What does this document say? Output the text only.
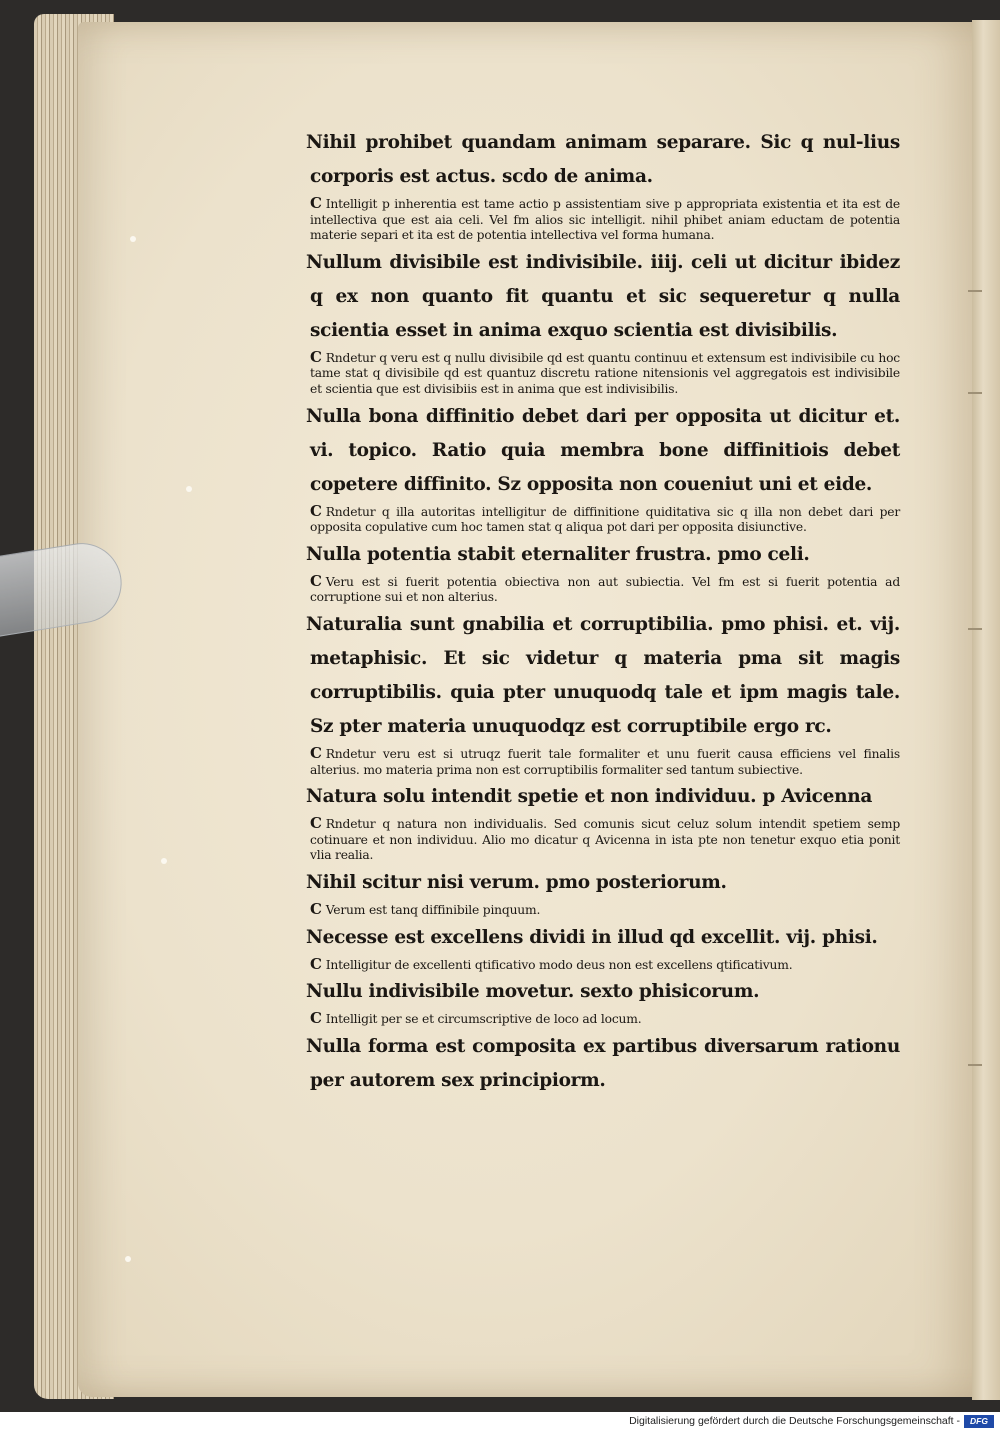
Nihil prohibet quandam animam separare. Sic q nul-lius corporis est actus. scdo de anima.

C Intelligit p inherentia est tame actio p assistentiam sive p appropriata existentia et ita est de intellectiva que est aia celi. Vel fm alios sic intelligit. nihil phibet aniam eductam de potentia materie separi et ita est de potentia intellectiva vel forma humana.

Nullum divisibile est indivisibile. iiij. celi ut dicitur ibidez q ex non quanto fit quantu et sic sequeretur q nulla scientia esset in anima exquo scientia est divisibilis.

C Rndetur q veru est q nullu divisibile qd est quantu continuu et extensum est indivisibile cu hoc tame stat q divisibile qd est quantuz discretu ratione nitensionis vel aggregatois est indivisibile et scientia que est divisibiis est in anima que est indivisibilis.

Nulla bona diffinitio debet dari per opposita ut dicitur et. vi. topico. Ratio quia membra bone diffinitiois debet copetere diffinito. Sz opposita non coueniut uni et eide.

C Rndetur q illa autoritas intelligitur de diffinitione quiditativa sic q illa non debet dari per opposita copulative cum hoc tamen stat q aliqua pot dari per opposita disiunctive.

Nulla potentia stabit eternaliter frustra. pmo celi.

C Veru est si fuerit potentia obiectiva non aut subiectia. Vel fm est si fuerit potentia ad corruptione sui et non alterius.

Naturalia sunt gnabilia et corruptibilia. pmo phisi. et. vij. metaphisic. Et sic videtur q materia pma sit magis corruptibilis. quia pter unuquodq tale et ipm magis tale. Sz pter materia unuquodqz est corruptibile ergo rc.

C Rndetur veru est si utruqz fuerit tale formaliter et unu fuerit causa efficiens vel finalis alterius. mo materia prima non est corruptibilis formaliter sed tantum subiective.

Natura solu intendit spetie et non individuu. p Avicenna

C Rndetur q natura non individualis. Sed comunis sicut celuz solum intendit spetiem semp cotinuare et non individuu. Alio mo dicatur q Avicenna in ista pte non tenetur exquo etia ponit vlia realia.

Nihil scitur nisi verum. pmo posteriorum.

C Verum est tanq diffinibile pinquum.

Necesse est excellens dividi in illud qd excellit. vij. phisi.

C Intelligitur de excellenti qtificativo modo deus non est excellens qtificativum.

Nullu indivisibile movetur. sexto phisicorum.

C Intelligit per se et circumscriptive de loco ad locum.

Nulla forma est composita ex partibus diversarum rationu per autorem sex principiorm.

Digitalisierung gefördert durch die Deutsche Forschungsgemeinschaft -	DFG
